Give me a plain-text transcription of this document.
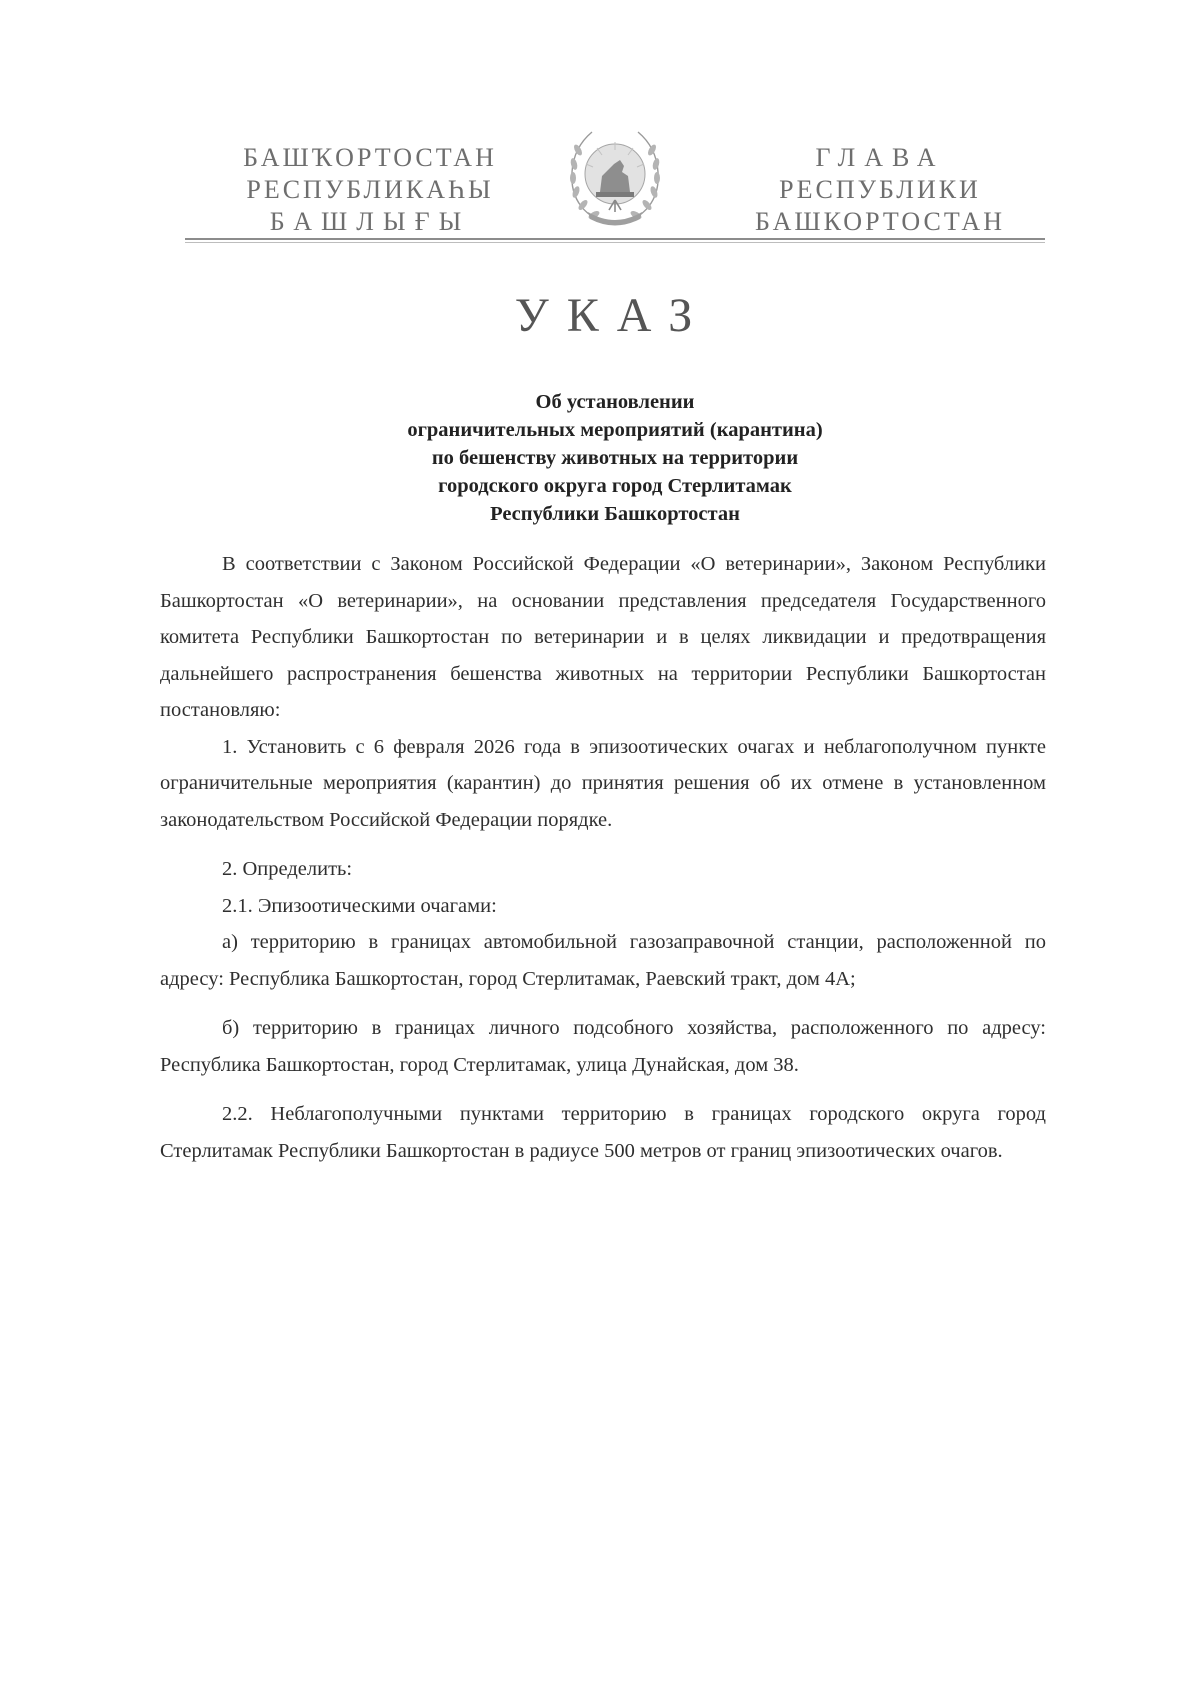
БАШҠОРТОСТАН
РЕСПУБЛИКАҺЫ
БАШЛЫҒЫ
ГЛАВА
РЕСПУБЛИКИ
БАШКОРТОСТАН
УКАЗ
Об установлении
ограничительных мероприятий (карантина)
по бешенству животных на территории
городского округа город Стерлитамак
Республики Башкортостан

В соответствии с Законом Российской Федерации «О ветеринарии», Законом Республики Башкортостан «О ветеринарии», на основании представления председателя Государственного комитета Республики Башкортостан по ветеринарии и в целях ликвидации и предотвращения дальнейшего распространения бешенства животных на территории Республики Башкортостан постановляю:

1. Установить с 6 февраля 2026 года в эпизоотических очагах и неблагополучном пункте ограничительные мероприятия (карантин) до принятия решения об их отмене в установленном законодательством Российской Федерации порядке.

2. Определить:

2.1. Эпизоотическими очагами:

а) территорию в границах автомобильной газозаправочной станции, расположенной по адресу: Республика Башкортостан, город Стерлитамак, Раевский тракт, дом 4А;

б) территорию в границах личного подсобного хозяйства, расположенного по адресу: Республика Башкортостан, город Стерлитамак, улица Дунайская, дом 38.

2.2. Неблагополучными пунктами территорию в границах городского округа город Стерлитамак Республики Башкортостан в радиусе 500 метров от границ эпизоотических очагов.
